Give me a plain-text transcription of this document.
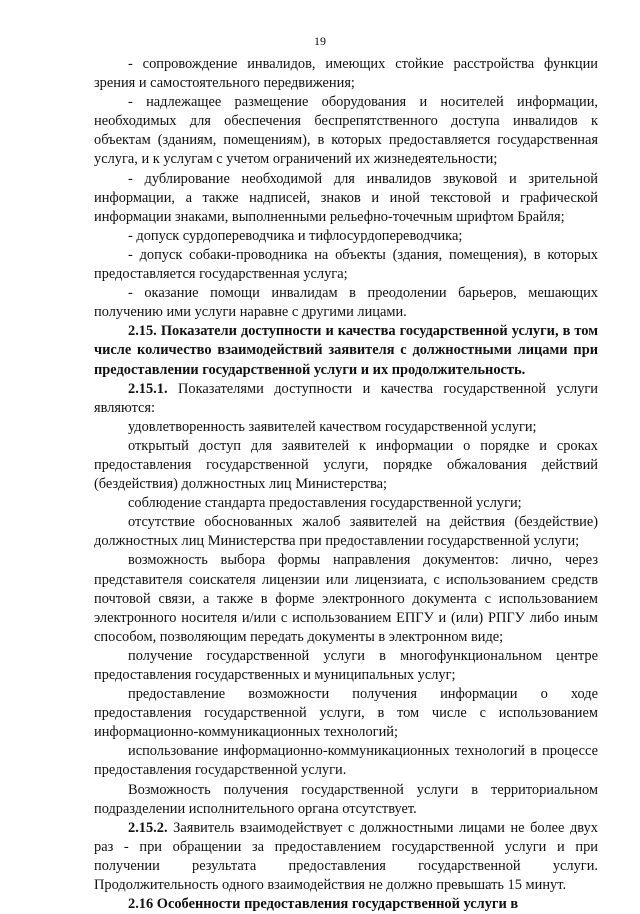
19

- сопровождение инвалидов, имеющих стойкие расстройства функции зрения и самостоятельного передвижения;

- надлежащее размещение оборудования и носителей информации, необходимых для обеспечения беспрепятственного доступа инвалидов к объектам (зданиям, помещениям), в которых предоставляется государственная услуга, и к услугам с учетом ограничений их жизнедеятельности;

- дублирование необходимой для инвалидов звуковой и зрительной информации, а также надписей, знаков и иной текстовой и графической информации знаками, выполненными рельефно-точечным шрифтом Брайля;

- допуск сурдопереводчика и тифлосурдопереводчика;

- допуск собаки-проводника на объекты (здания, помещения), в которых предоставляется государственная услуга;

- оказание помощи инвалидам в преодолении барьеров, мешающих получению ими услуги наравне с другими лицами.

2.15. Показатели доступности и качества государственной услуги, в том числе количество взаимодействий заявителя с должностными лицами при предоставлении государственной услуги и их продолжительность.

2.15.1. Показателями доступности и качества государственной услуги являются:

удовлетворенность заявителей качеством государственной услуги;

открытый доступ для заявителей к информации о порядке и сроках предоставления государственной услуги, порядке обжалования действий (бездействия) должностных лиц Министерства;

соблюдение стандарта предоставления государственной услуги;

отсутствие обоснованных жалоб заявителей на действия (бездействие) должностных лиц Министерства при предоставлении государственной услуги;

возможность выбора формы направления документов: лично, через представителя соискателя лицензии или лицензиата, с использованием средств почтовой связи, а также в форме электронного документа с использованием электронного носителя и/или с использованием ЕПГУ и (или) РПГУ либо иным способом, позволяющим передать документы в электронном виде;

получение государственной услуги в многофункциональном центре предоставления государственных и муниципальных услуг;

предоставление возможности получения информации о ходе предоставления государственной услуги, в том числе с использованием информационно-коммуникационных технологий;

использование информационно-коммуникационных технологий в процессе предоставления государственной услуги.

Возможность получения государственной услуги в территориальном подразделении исполнительного органа отсутствует.

2.15.2. Заявитель взаимодействует с должностными лицами не более двух раз - при обращении за предоставлением государственной услуги и при получении результата предоставления государственной услуги. Продолжительность одного взаимодействия не должно превышать 15 минут.

2.16 Особенности предоставления государственной услуги в
